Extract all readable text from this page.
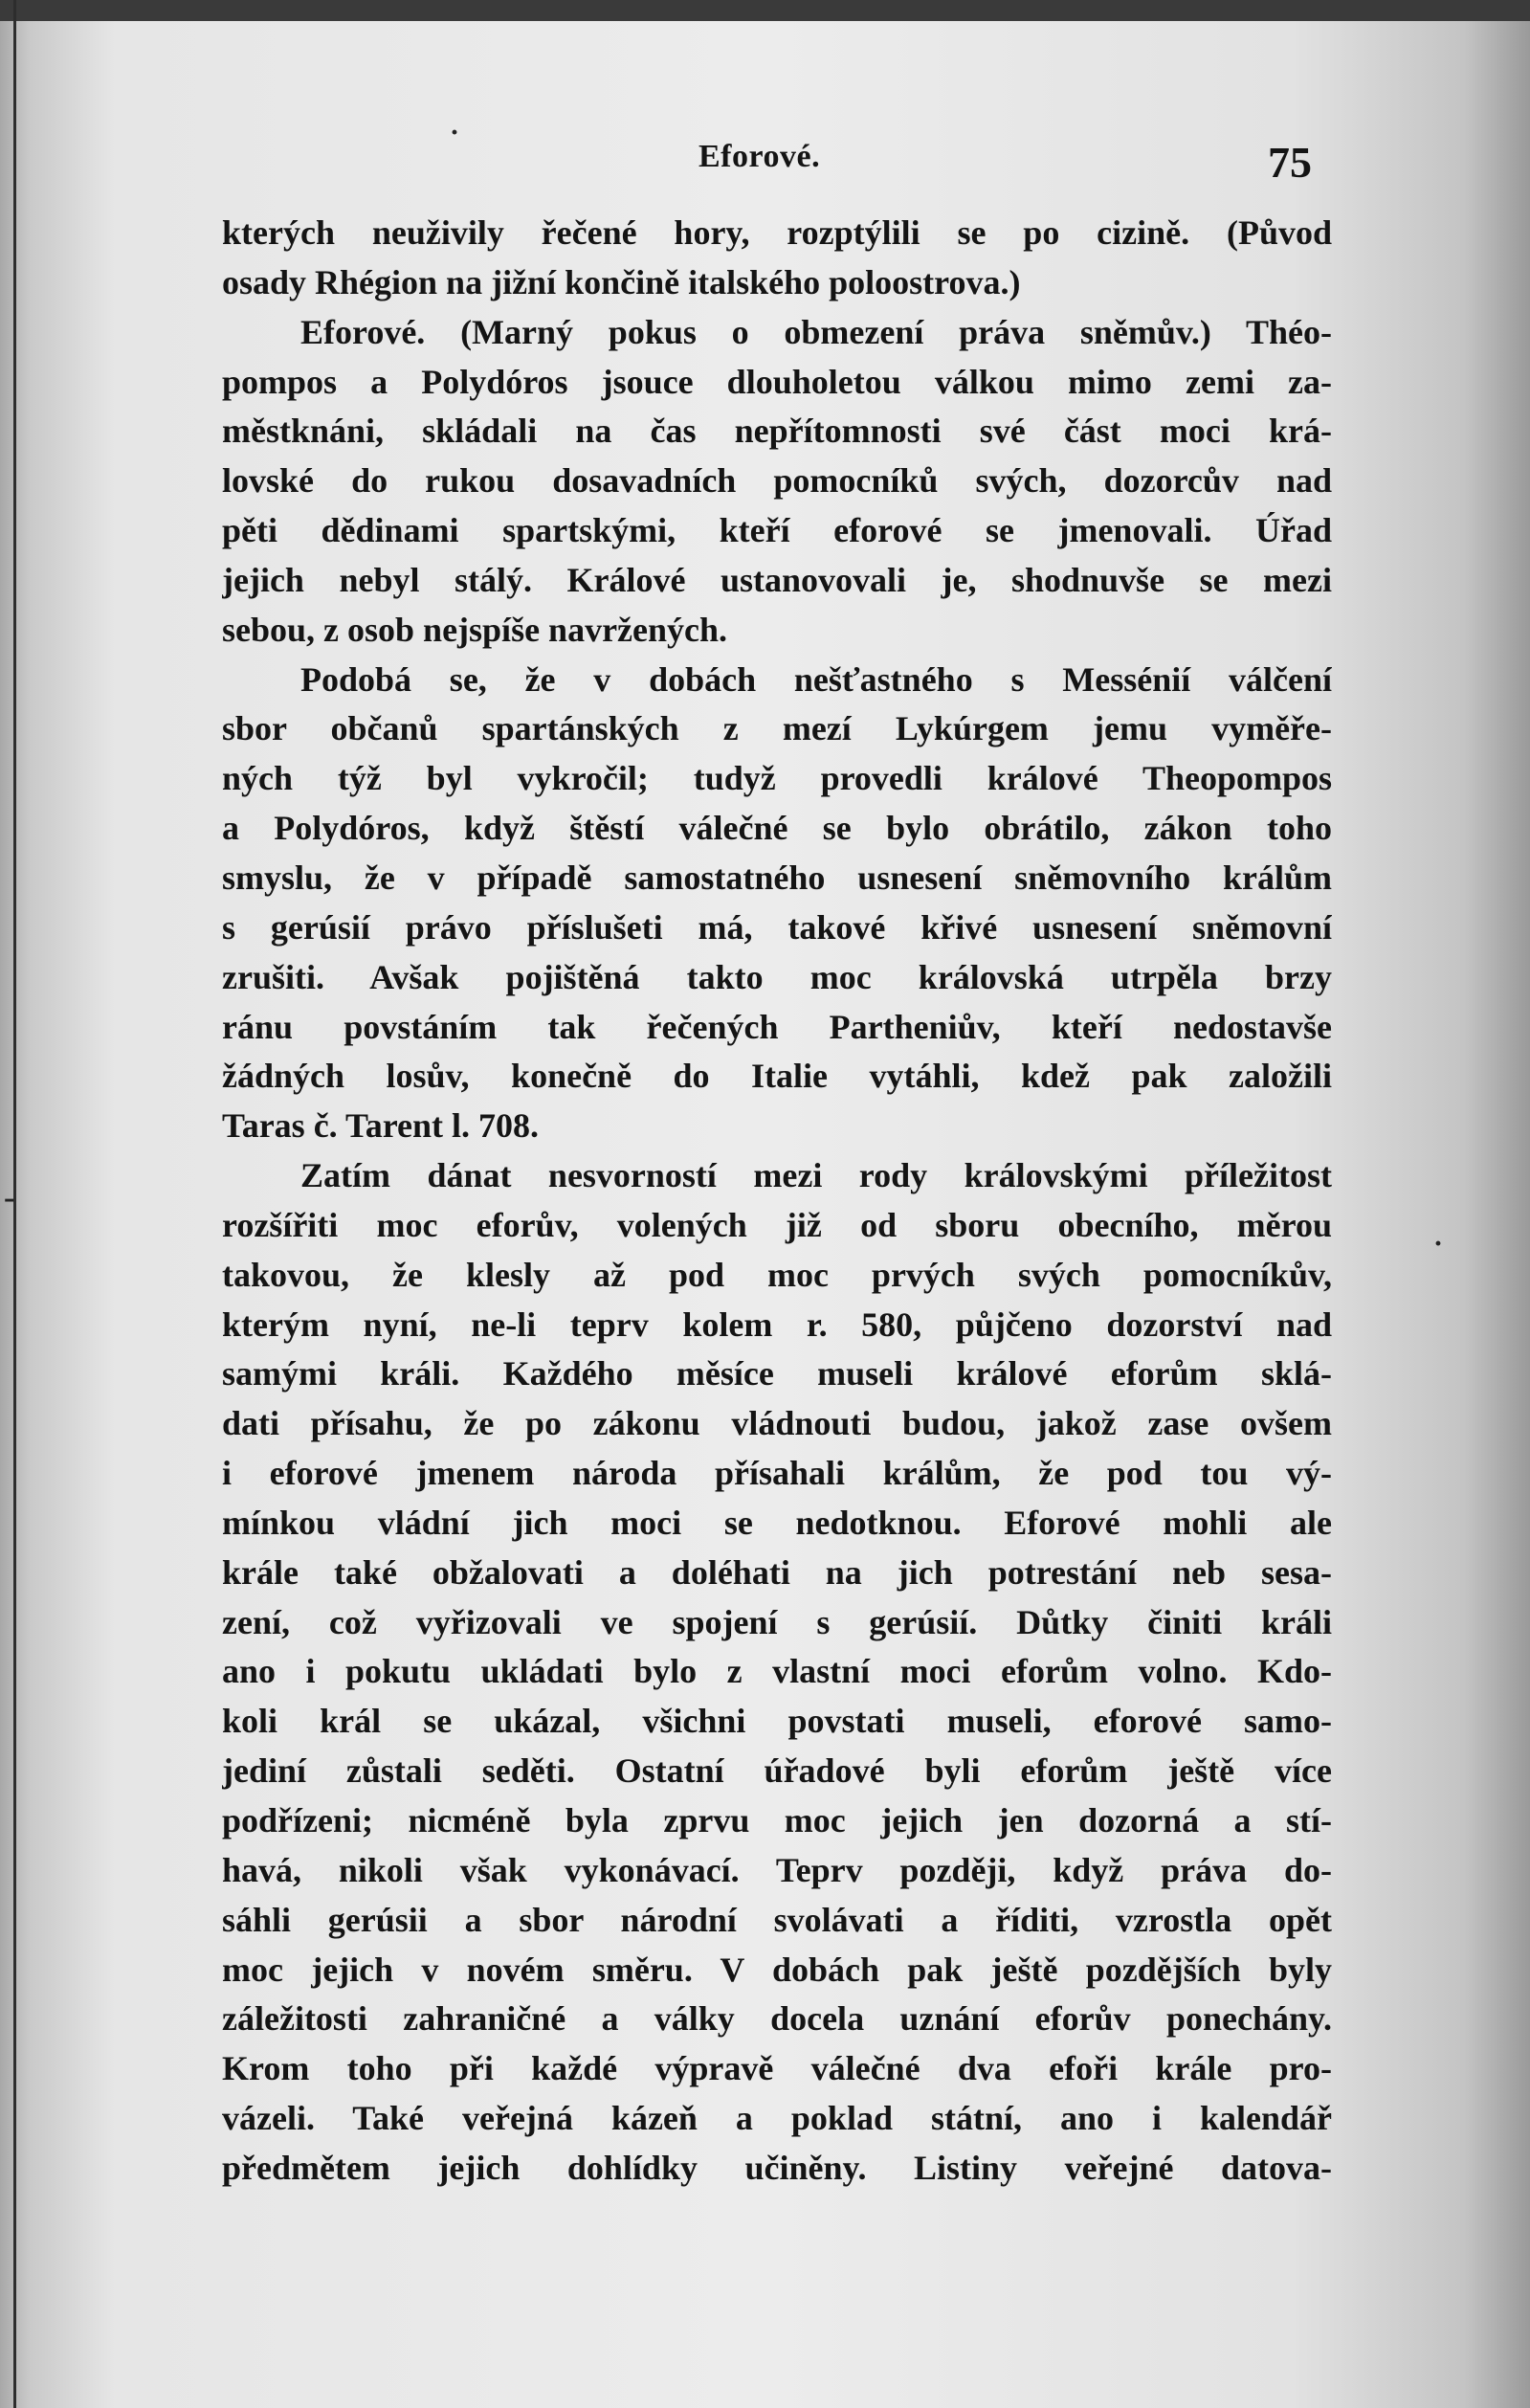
-
·
·
Eforové.	75
kterých neuživily řečené hory, rozptýlili se po cizině. (Původ
osady Rhégion na jižní končině italského poloostrova.)
Eforové. (Marný pokus o obmezení práva sněmův.) Théo-
pompos a Polydóros jsouce dlouholetou válkou mimo zemi za-
městknáni, skládali na čas nepřítomnosti své část moci krá-
lovské do rukou dosavadních pomocníků svých, dozorcův nad
pěti dědinami spartskými, kteří eforové se jmenovali. Úřad
jejich nebyl stálý. Králové ustanovovali je, shodnuvše se mezi
sebou, z osob nejspíše navržených.
Podobá se, že v dobách nešťastného s Messénií válčení
sbor občanů spartánských z mezí Lykúrgem jemu vyměře-
ných týž byl vykročil; tudyž provedli králové Theopompos
a Polydóros, když štěstí válečné se bylo obrátilo, zákon toho
smyslu, že v případě samostatného usnesení sněmovního králům
s gerúsií právo příslušeti má, takové křivé usnesení sněmovní
zrušiti. Avšak pojištěná takto moc královská utrpěla brzy
ránu povstáním tak řečených Partheniův, kteří nedostavše
žádných losův, konečně do Italie vytáhli, kdež pak založili
Taras č. Tarent l. 708.
Zatím dánat nesvorností mezi rody královskými příležitost
rozšířiti moc eforův, volených již od sboru obecního, měrou
takovou, že klesly až pod moc prvých svých pomocníkův,
kterým nyní, ne-li teprv kolem r. 580, půjčeno dozorství nad
samými králi. Každého měsíce museli králové eforům sklá-
dati přísahu, že po zákonu vládnouti budou, jakož zase ovšem
i eforové jmenem národa přísahali králům, že pod tou vý-
mínkou vládní jich moci se nedotknou. Eforové mohli ale
krále také obžalovati a doléhati na jich potrestání neb sesa-
zení, což vyřizovali ve spojení s gerúsií. Důtky činiti králi
ano i pokutu ukládati bylo z vlastní moci eforům volno. Kdo-
koli král se ukázal, všichni povstati museli, eforové samo-
jediní zůstali seděti. Ostatní úřadové byli eforům ještě více
podřízeni; nicméně byla zprvu moc jejich jen dozorná a stí-
havá, nikoli však vykonávací. Teprv později, když práva do-
sáhli gerúsii a sbor národní svolávati a říditi, vzrostla opět
moc jejich v novém směru. V dobách pak ještě pozdějších byly
záležitosti zahraničné a války docela uznání eforův ponechány.
Krom toho při každé výpravě válečné dva efoři krále pro-
vázeli. Také veřejná kázeň a poklad státní, ano i kalendář
předmětem jejich dohlídky učiněny. Listiny veřejné datova-
